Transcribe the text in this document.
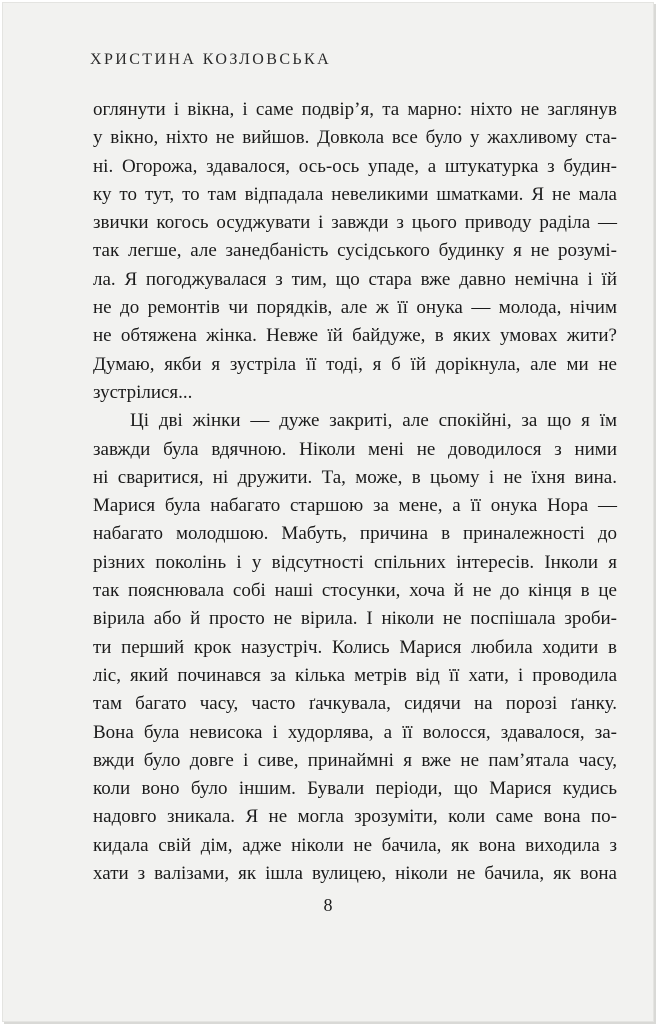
ХРИСТИНА КОЗЛОВСЬКА
оглянути і вікна, і саме подвір’я, та марно: ніхто не заглянув
у вікно, ніхто не вийшов. Довкола все було у жахливому ста-
ні. Огорожа, здавалося, ось-ось упаде, а штукатурка з будин-
ку то тут, то там відпадала невеликими шматками. Я не мала
звички когось осуджувати і завжди з цього приводу раділа —
так легше, але занедбаність сусідського будинку я не розумі-
ла. Я погоджувалася з тим, що стара вже давно немічна і їй
не до ремонтів чи порядків, але ж її онука — молода, нічим
не обтяжена жінка. Невже їй байдуже, в яких умовах жити?
Думаю, якби я зустріла її тоді, я б їй дорікнула, але ми не
зустрілися...
Ці дві жінки — дуже закриті, але спокійні, за що я їм
завжди була вдячною. Ніколи мені не доводилося з ними
ні сваритися, ні дружити. Та, може, в цьому і не їхня вина.
Марися була набагато старшою за мене, а її онука Нора —
набагато молодшою. Мабуть, причина в приналежності до
різних поколінь і у відсутності спільних інтересів. Інколи я
так пояснювала собі наші стосунки, хоча й не до кінця в це
вірила або й просто не вірила. І ніколи не поспішала зроби-
ти перший крок назустріч. Колись Марися любила ходити в
ліс, який починався за кілька метрів від її хати, і проводила
там багато часу, часто ґачкувала, сидячи на порозі ґанку.
Вона була невисока і худорлява, а її волосся, здавалося, за-
вжди було довге і сиве, принаймні я вже не пам’ятала часу,
коли воно було іншим. Бували періоди, що Марися кудись
надовго зникала. Я не могла зрозуміти, коли саме вона по-
кидала свій дім, адже ніколи не бачила, як вона виходила з
хати з валізами, як ішла вулицею, ніколи не бачила, як вона
8
